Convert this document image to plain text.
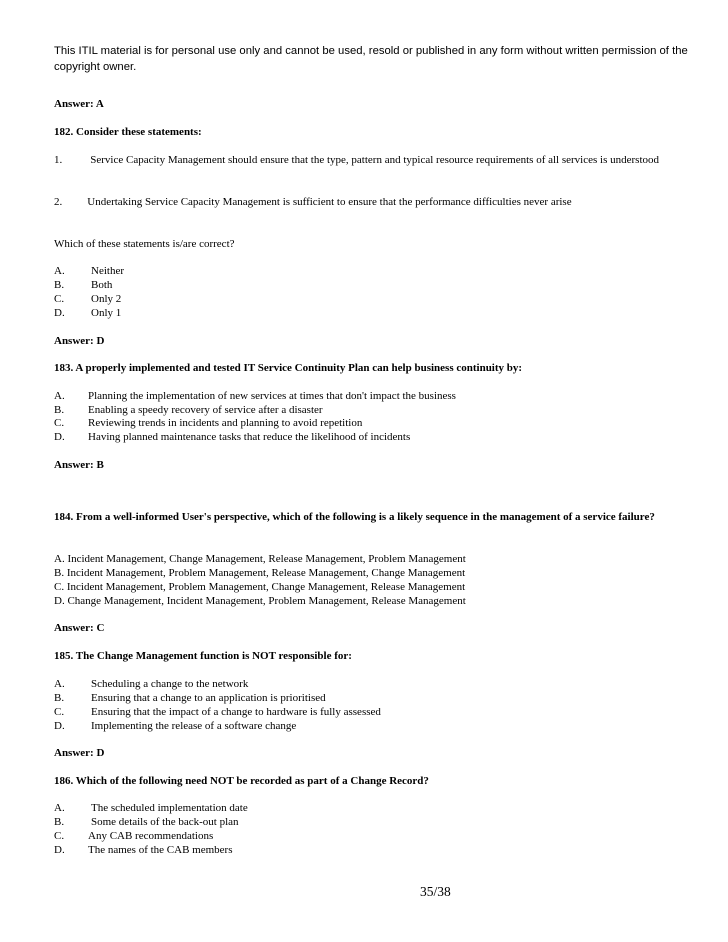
This ITIL material is for personal use only and cannot be used, resold or published in any form without written permission of the copyright owner.
Answer: A
182. Consider these statements:
1.	Service Capacity Management should ensure that the type, pattern and typical resource requirements of all services is understood
2. Undertaking Service Capacity Management is sufficient to ensure that the performance difficulties never arise
Which of these statements is/are correct?
A. Neither
B. Both
C. Only 2
D. Only 1
Answer: D
183. A properly implemented and tested IT Service Continuity Plan can help business continuity by:
A. Planning the implementation of new services at times that don't impact the business
B. Enabling a speedy recovery of service after a disaster
C. Reviewing trends in incidents and planning to avoid repetition
D. Having planned maintenance tasks that reduce the likelihood of incidents
Answer: B
184. From a well-informed User's perspective, which of the following is a likely sequence in the management of a service failure?
A. Incident Management, Change Management, Release Management, Problem Management
B. Incident Management, Problem Management, Release Management, Change Management
C. Incident Management, Problem Management, Change Management, Release Management
D. Change Management, Incident Management, Problem Management, Release Management
Answer: C
185. The Change Management function is NOT responsible for:
A. Scheduling a change to the network
B. Ensuring that a change to an application is prioritised
C. Ensuring that the impact of a change to hardware is fully assessed
D. Implementing the release of a software change
Answer: D
186. Which of the following need NOT be recorded as part of a Change Record?
A. The scheduled implementation date
B. Some details of the back-out plan
C. Any CAB recommendations
D. The names of the CAB members
35/38
